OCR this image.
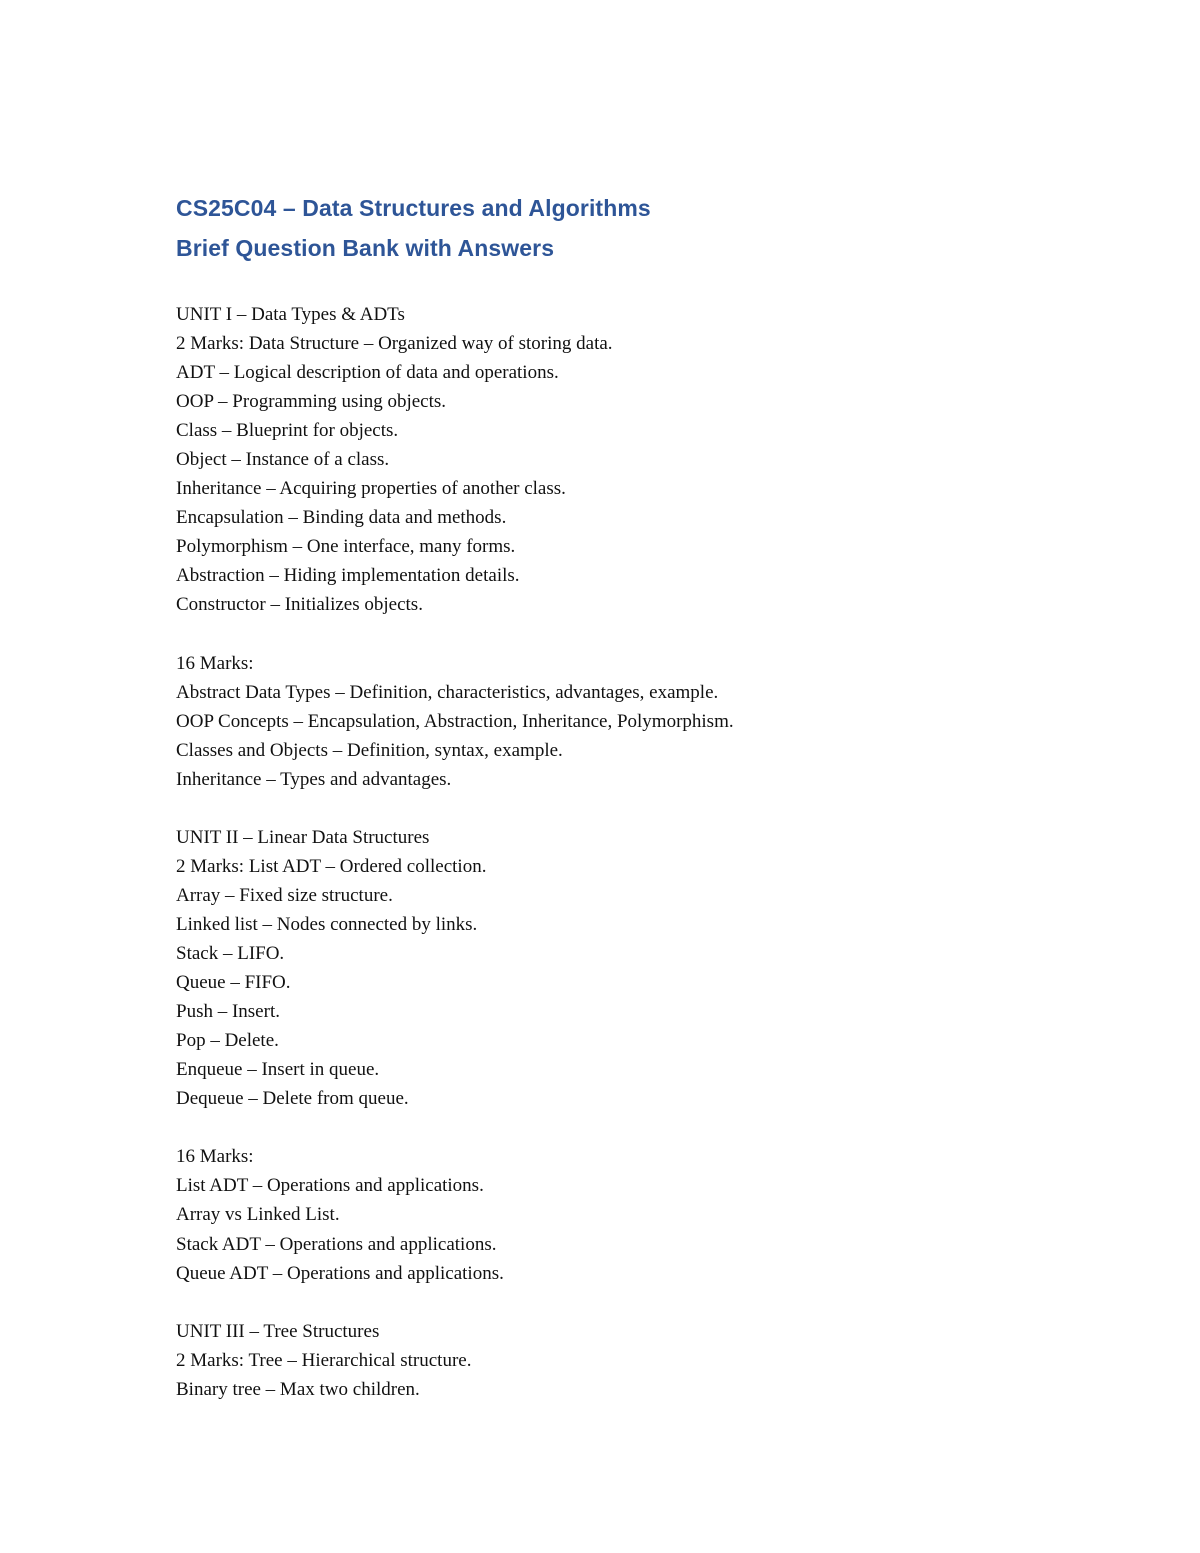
CS25C04 – Data Structures and Algorithms
Brief Question Bank with Answers
UNIT I – Data Types & ADTs
2 Marks: Data Structure – Organized way of storing data.
ADT – Logical description of data and operations.
OOP – Programming using objects.
Class – Blueprint for objects.
Object – Instance of a class.
Inheritance – Acquiring properties of another class.
Encapsulation – Binding data and methods.
Polymorphism – One interface, many forms.
Abstraction – Hiding implementation details.
Constructor – Initializes objects.
16 Marks:
Abstract Data Types – Definition, characteristics, advantages, example.
OOP Concepts – Encapsulation, Abstraction, Inheritance, Polymorphism.
Classes and Objects – Definition, syntax, example.
Inheritance – Types and advantages.
UNIT II – Linear Data Structures
2 Marks: List ADT – Ordered collection.
Array – Fixed size structure.
Linked list – Nodes connected by links.
Stack – LIFO.
Queue – FIFO.
Push – Insert.
Pop – Delete.
Enqueue – Insert in queue.
Dequeue – Delete from queue.
16 Marks:
List ADT – Operations and applications.
Array vs Linked List.
Stack ADT – Operations and applications.
Queue ADT – Operations and applications.
UNIT III – Tree Structures
2 Marks: Tree – Hierarchical structure.
Binary tree – Max two children.
